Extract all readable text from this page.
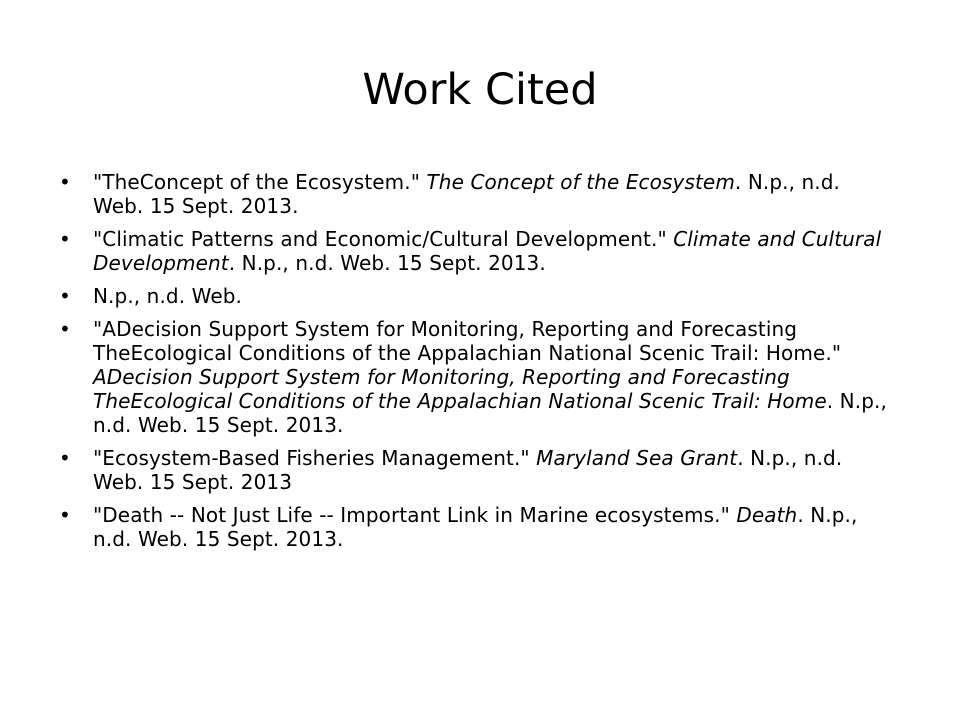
Work Cited
•	"TheConcept of the Ecosystem." The Concept of the Ecosystem. N.p., n.d. Web. 15 Sept. 2013.
•	"Climatic Patterns and Economic/Cultural Development." Climate and Cultural Development. N.p., n.d. Web. 15 Sept. 2013.
•	N.p., n.d. Web.
•	"ADecision Support System for Monitoring, Reporting and Forecasting TheEcological Conditions of the Appalachian National Scenic Trail: Home." ADecision Support System for Monitoring, Reporting and Forecasting TheEcological Conditions of the Appalachian National Scenic Trail: Home. N.p., n.d. Web. 15 Sept. 2013.
•	"Ecosystem-Based Fisheries Management." Maryland Sea Grant. N.p., n.d. Web. 15 Sept. 2013
•	"Death -- Not Just Life -- Important Link in Marine ecosystems." Death. N.p., n.d. Web. 15 Sept. 2013.
